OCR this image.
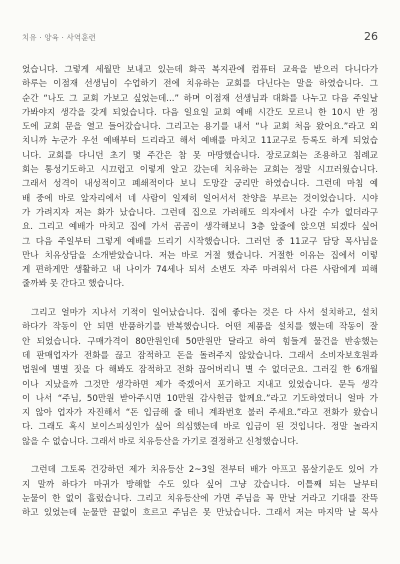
치유 · 양육 · 사역훈련	26
었습니다. 그렇게 세월만 보내고 있는데 화곡 복지관에 컴퓨터 교육을 받으러 다니다가
하루는 이점재 선생님이 수업하기 전에 치유하는 교회를 다닌다는 말을 하였습니다. 그
순간 “나도 그 교회 가보고 싶었는데...” 하며 이점재 선생님과 대화를 나누고 다음 주일날
가봐야지 생각을 갖게 되었습니다. 다음 일요일 교회 예배 시간도 모르니 한 10시 반 정
도에 교회 문을 열고 들어갔습니다. 그리고는 용기를 내서 “나 교회 처음 왔어요.”라고 외
치니까 누군가 우선 예배부터 드리라고 해서 예배를 마치고 11교구로 등록도 하게 되었습
니다. 교회를 다니던 초기 몇 주간은 참 못 마땅했습니다. 장로교회는 조용하고 침례교
회는 통성기도하고 시끄럽고 이렇게 알고 갔는데 치유하는 교회는 정말 시끄러웠습니다.
그래서 성격이 내성적이고 폐쇄적이다 보니 도망갈 궁리만 하였습니다. 그런데 마침 예
배 중에 바로 앞자리에서 네 사람이 일제히 일어서서 찬양을 부르는 것이었습니다. 시야
가 가려지자 저는 화가 났습니다. 그런데 집으로 가려해도 의자에서 나갈 수가 없더라구
요. 그리고 예배가 마치고 집에 가서 곰곰이 생각해보니 3층 앞줄에 앉으면 되겠다 싶어
그 다음 주일부터 그렇게 예배를 드리기 시작했습니다. 그러던 중 11교구 담당 목사님을
만나 치유상담을 소개받았습니다. 저는 바로 거절 했습니다. 거절한 이유는 집에서 이렇
게 편하게만 생활하고 내 나이가 74세나 되서 소변도 자주 마려워서 다른 사람에게 피해
줄까봐 못 간다고 했습니다.
그리고 얼마가 지나서 기적이 일어났습니다. 집에 좋다는 것은 다 사서 설치하고, 설치
하다가 작동이 안 되면 반품하기를 반복했습니다. 어떤 제품을 설치를 했는데 작동이 잘
안 되었습니다. 구매가격이 80만원인데 50만원만 달라고 하여 힘들게 물건을 반송했는
데 판매업자가 전화를 끊고 잠적하고 돈을 돌려주지 않았습니다. 그래서 소비자보호원과
법원에 별별 짓을 다 해봐도 잠적하고 전화 끊어버리니 별 수 없더군요. 그러길 한 6개월
이나 지났을까 그것만 생각하면 제가 죽겠어서 포기하고 지내고 있었습니다. 문득 생각
이 나서 “주님, 50만원 받아주시면 10만원 감사헌금 할께요.”라고 기도하였더니 얼마 가
지 않아 업자가 자진해서 “돈 입금해 줄 테니 계좌번호 불러 주세요.”라고 전화가 왔습니
다. 그래도 혹시 보이스피싱인가 싶어 의심했는데 바로 입금이 된 것입니다. 정말 놀라지
않을 수 없습니다. 그래서 바로 치유등산을 가기로 결정하고 신청했습니다.
그런데 그토록 건강하던 제가 치유등산 2~3일 전부터 배가 아프고 몸살기운도 있어 가
지 말까 하다가 마귀가 방해할 수도 있다 싶어 그냥 갔습니다. 이틀째 되는 날부터
눈물이 한 없이 흘렀습니다. 그리고 치유등산에 가면 주님을 꼭 만날 거라고 기대를 잔뜩
하고 있었는데 눈물만 끝없이 흐르고 주님은 못 만났습니다. 그래서 저는 마지막 날 목사
